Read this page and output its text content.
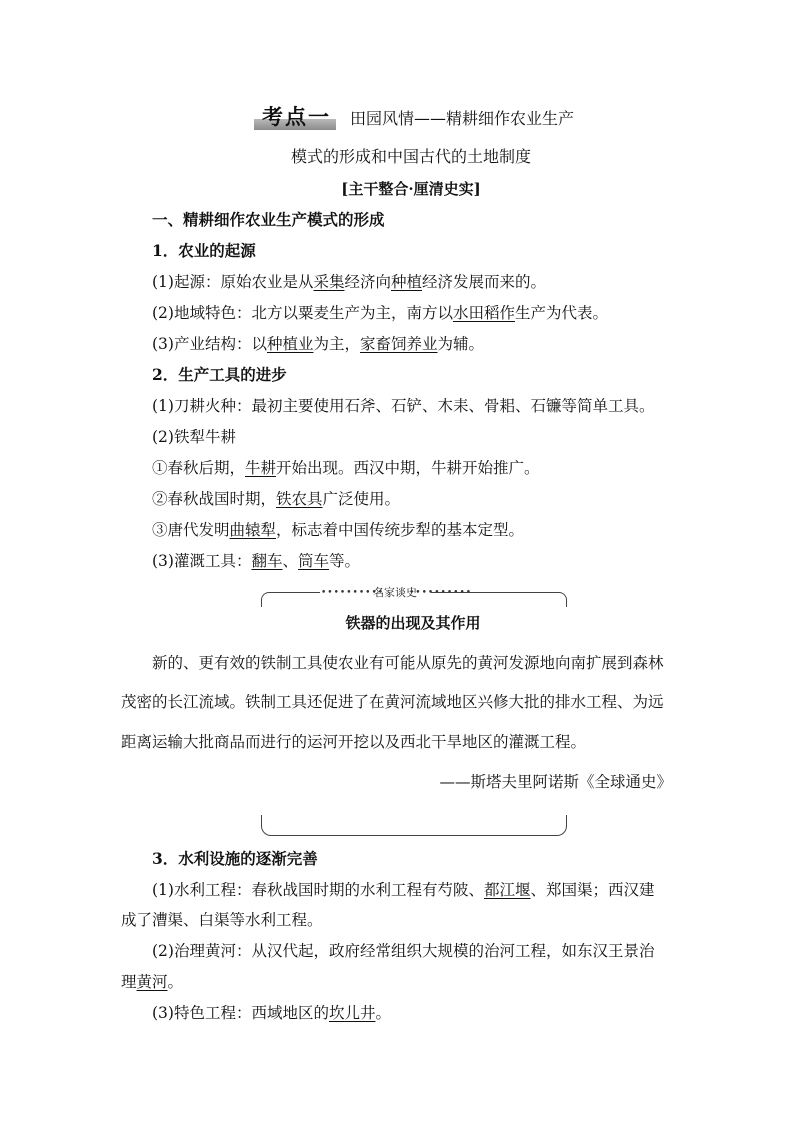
考点一 田园风情——精耕细作农业生产
模式的形成和中国古代的土地制度
[主干整合·厘清史实]
一、精耕细作农业生产模式的形成
1．农业的起源
(1)起源：原始农业是从采集经济向种植经济发展而来的。
(2)地域特色：北方以粟麦生产为主，南方以水田稻作生产为代表。
(3)产业结构：以种植业为主，家畜饲养业为辅。
2．生产工具的进步
(1)刀耕火种：最初主要使用石斧、石铲、木耒、骨耜、石镰等简单工具。
(2)铁犁牛耕
①春秋后期，牛耕开始出现。西汉中期，牛耕开始推广。
②春秋战国时期，铁农具广泛使用。
③唐代发明曲辕犁，标志着中国传统步犁的基本定型。
(3)灌溉工具：翻车、筒车等。
••••••••••
名家谈史
••••••••••
铁器的出现及其作用
新的、更有效的铁制工具使农业有可能从原先的黄河发源地向南扩展到森林
茂密的长江流域。铁制工具还促进了在黄河流域地区兴修大批的排水工程、为远
距离运输大批商品而进行的运河开挖以及西北干旱地区的灌溉工程。
——斯塔夫里阿诺斯《全球通史》
3．水利设施的逐渐完善
(1)水利工程：春秋战国时期的水利工程有芍陂、都江堰、郑国渠；西汉建
成了漕渠、白渠等水利工程。
(2)治理黄河：从汉代起，政府经常组织大规模的治河工程，如东汉王景治
理黄河。
(3)特色工程：西域地区的坎儿井。
